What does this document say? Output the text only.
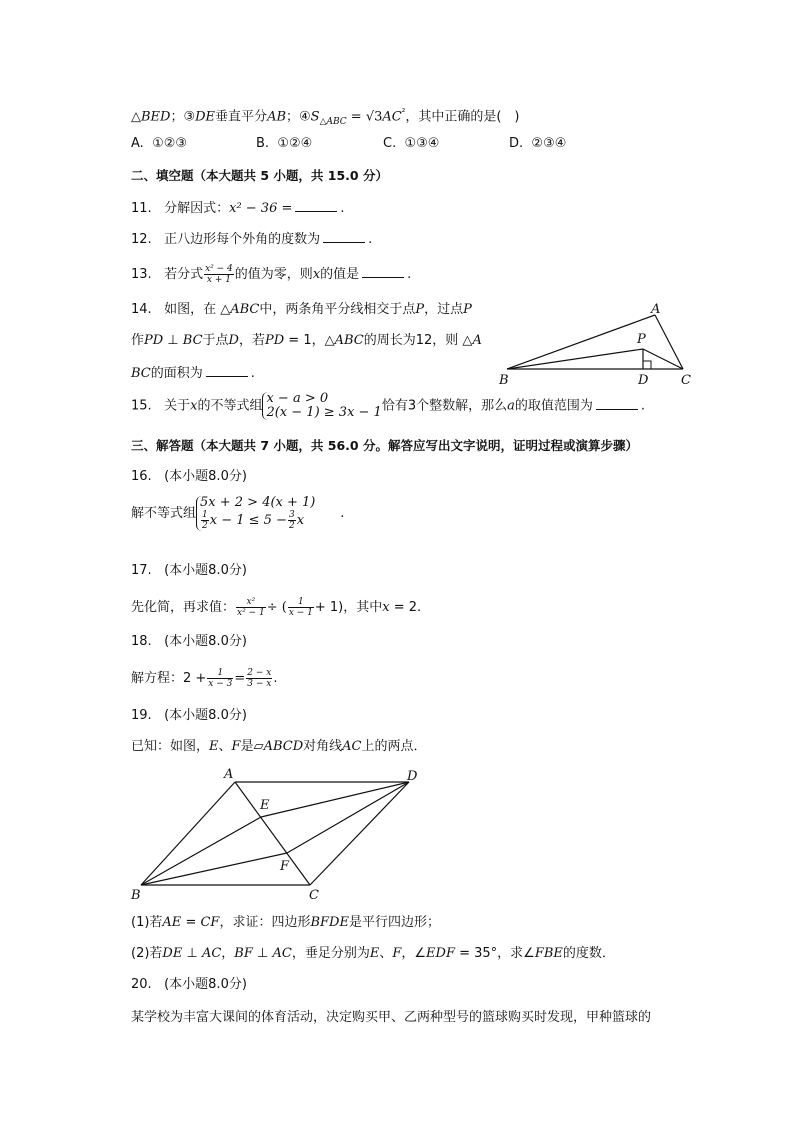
△BED；③DE垂直平分AB；$④S_{\triangle ABC} = √3AC^{^2}$，其中正确的是(　)
A. ①②③	B. ①②④	C. ①③④	D. ②③④
二、填空题（本大题共 5 小题，共 15.0 分）
11. 分解因式：x² − 36 =	.
12. 正八边形每个外角的度数为	.
13. 若分式 $\frac{\text{x² − 4}}{x + 1}$ 的值为零，则x的值是	.
14. 如图，在 △ABC中，两条角平分线相交于点P，过点P
作PD ⊥ BC于点D，若PD = 1，△ABC的周长为12，则 △A
BC的面积为	.
A
P
B	D	C
15. 关于x的不等式组 x − a > 0
2(x − 1) ≥ 3x − 1 恰有3个整数解，那么a的取值范围为	.
三、解答题（本大题共 7 小题，共 56.0 分。解答应写出文字说明，证明过程或演算步骤）
16. (本小题8.0分)
解不等式组
5x + 2 > 4(x + 1)
$\frac{1}{2}$ $x - 1 \le 5 - \frac{3}{2}$ x	.
17. (本小题8.0分)
先化简，再求值： $\frac{\text{x²}}{\text{x² − 1}}$ ÷ ( $\frac{1}{x - 1} + 1$)，其中x = 2.
18. (本小题8.0分)
解方程：$2 + \frac{1}{x - 3} = \frac{2 - x}{3 - x}$ .
19. (本小题8.0分)
已知：如图，E、F是▱ABCD对角线AC上的两点．
A	D
E
F
B	C
(1)若AE = CF，求证：四边形BFDE是平行四边形；
(2)若DE ⊥ AC，BF ⊥ AC，垂足分别为E、F，∠EDF = 35°，求∠FBE的度数．
20. (本小题8.0分)
某学校为丰富大课间的体育活动，决定购买甲、乙两种型号的篮球购买时发现，甲种篮球的
